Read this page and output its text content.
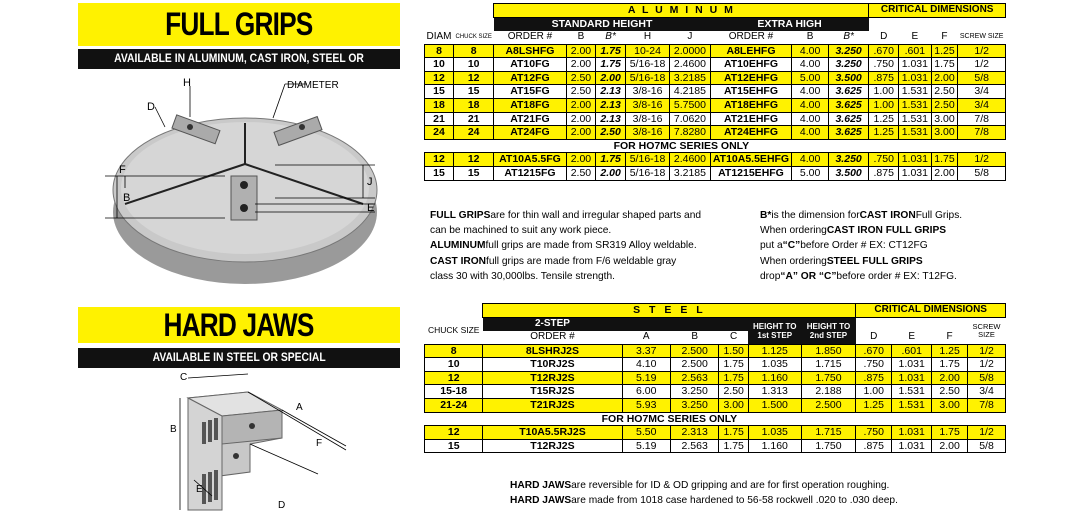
FULL GRIPS
AVAILABLE IN ALUMINUM, CAST IRON, STEEL OR SPECIAL
H	DIAMETER
D
F
B
J
E
HARD JAWS
AVAILABLE IN STEEL OR SPECIAL
C
A
B
F
E
D
		A L U M I N U M								CRITICAL DIMENSIONS			
		STANDARD HEIGHT					EXTRA HIGH						
DIAM	CHUCK SIZE	ORDER #	B	B*	H	J	ORDER #	B	B*	D	E	F	SCREW SIZE

8	8	A8LSHFG	2.00	1.75	10-24	2.0000	A8LEHFG	4.00	3.250	.670	.601	1.25	1/2
10	10	AT10FG	2.00	1.75	5/16-18	2.4600	AT10EHFG	4.00	3.250	.750	1.031	1.75	1/2
12	12	AT12FG	2.50	2.00	5/16-18	3.2185	AT12EHFG	5.00	3.500	.875	1.031	2.00	5/8
15	15	AT15FG	2.50	2.13	3/8-16	4.2185	AT15EHFG	4.00	3.625	1.00	1.531	2.50	3/4
18	18	AT18FG	2.00	2.13	3/8-16	5.7500	AT18EHFG	4.00	3.625	1.00	1.531	2.50	3/4
21	21	AT21FG	2.00	2.13	3/8-16	7.0620	AT21EHFG	4.00	3.625	1.25	1.531	3.00	7/8
24	24	AT24FG	2.00	2.50	3/8-16	7.8280	AT24EHFG	4.00	3.625	1.25	1.531	3.00	7/8
		FOR HO7MC SERIES ONLY											
12	12	AT10A5.5FG	2.00	1.75	5/16-18	2.4600	AT10A5.5EHFG	4.00	3.250	.750	1.031	1.75	1/2
15	15	AT1215FG	2.50	2.00	5/16-18	3.2185	AT1215EHFG	5.00	3.500	.875	1.031	2.00	5/8
FULL GRIPSare for thin wall and irregular shaped parts and
can be machined to suit any work piece.
ALUMINUMfull grips are made from SR319 Alloy weldable.
CAST IRONfull grips are made from F/6 weldable gray
class 30 with 30,000lbs. Tensile strength.
B*is the dimension forCAST IRONFull Grips.
When orderingCAST IRON FULL GRIPS
put a“C”before Order # EX: CT12FG
When orderingSTEEL FULL GRIPS
drop“A” OR “C”before order # EX: T12FG.
	S T E E L						CRITICAL DIMENSIONS			
CHUCK SIZE	2-STEP				HEIGHT TO 1st STEP	HEIGHT TO 2nd STEP				SCREW SIZE
	ORDER #	A	B	C			D	E	F	
8	8LSHRJ2S	3.37	2.500	1.50	1.125	1.850	.670	.601	1.25	1/2
10	T10RJ2S	4.10	2.500	1.75	1.035	1.715	.750	1.031	1.75	1/2
12	T12RJ2S	5.19	2.563	1.75	1.160	1.750	.875	1.031	2.00	5/8
15-18	T15RJ2S	6.00	3.250	2.50	1.313	2.188	1.00	1.531	2.50	3/4
21-24	T21RJ2S	5.93	3.250	3.00	1.500	2.500	1.25	1.531	3.00	7/8
	FOR HO7MC SERIES ONLY									
12	T10A5.5RJ2S	5.50	2.313	1.75	1.035	1.715	.750	1.031	1.75	1/2
15	T12RJ2S	5.19	2.563	1.75	1.160	1.750	.875	1.031	2.00	5/8
HARD JAWSare reversible for ID & OD gripping and are for first operation roughing.
HARD JAWSare made from 1018 case hardened to 56-58 rockwell .020 to .030 deep.
